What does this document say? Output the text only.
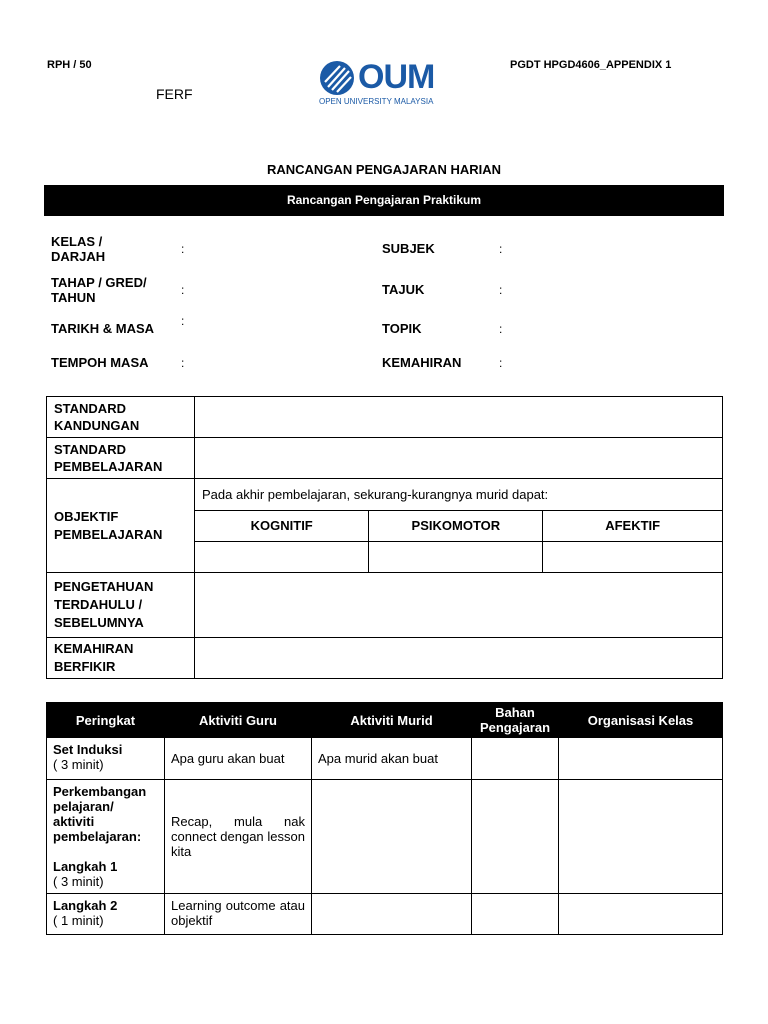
RPH / 50	PGDT HPGD4606_APPENDIX 1
FERF	OUM
OPEN UNIVERSITY MALAYSIA
RANCANGAN PENGAJARAN HARIAN
Rancangan Pengajaran Praktikum
KELAS / DARJAH	:
TAHAP / GRED/ TAHUN	:
TARIKH & MASA :
TEMPOH MASA	:
SUBJEK	:
TAJUK	:
TOPIK	:
KEMAHIRAN	:
STANDARD KANDUNGAN	
STANDARD PEMBELAJARAN	
OBJEKTIF PEMBELAJARAN	
Pada akhir pembelajaran, sekurang-kurangnya murid dapat:
KOGNITIF	PSIKOMOTOR	AFEKTIF

PENGETAHUAN TERDAHULU / SEBELUMNYA	
KEMAHIRAN BERFIKIR	
Peringkat	Aktiviti Guru	Aktiviti Murid	Bahan Pengajaran	Organisasi Kelas

Set Induksi
( 3 minit)	Apa guru akan buat	Apa murid akan buat		

Perkembangan pelajaran/ aktiviti pembelajaran:
Langkah 1
( 3 minit)	Recap, mula nak connect dengan lesson kita			

Langkah 2
( 1 minit)	Learning outcome atau objektif			
